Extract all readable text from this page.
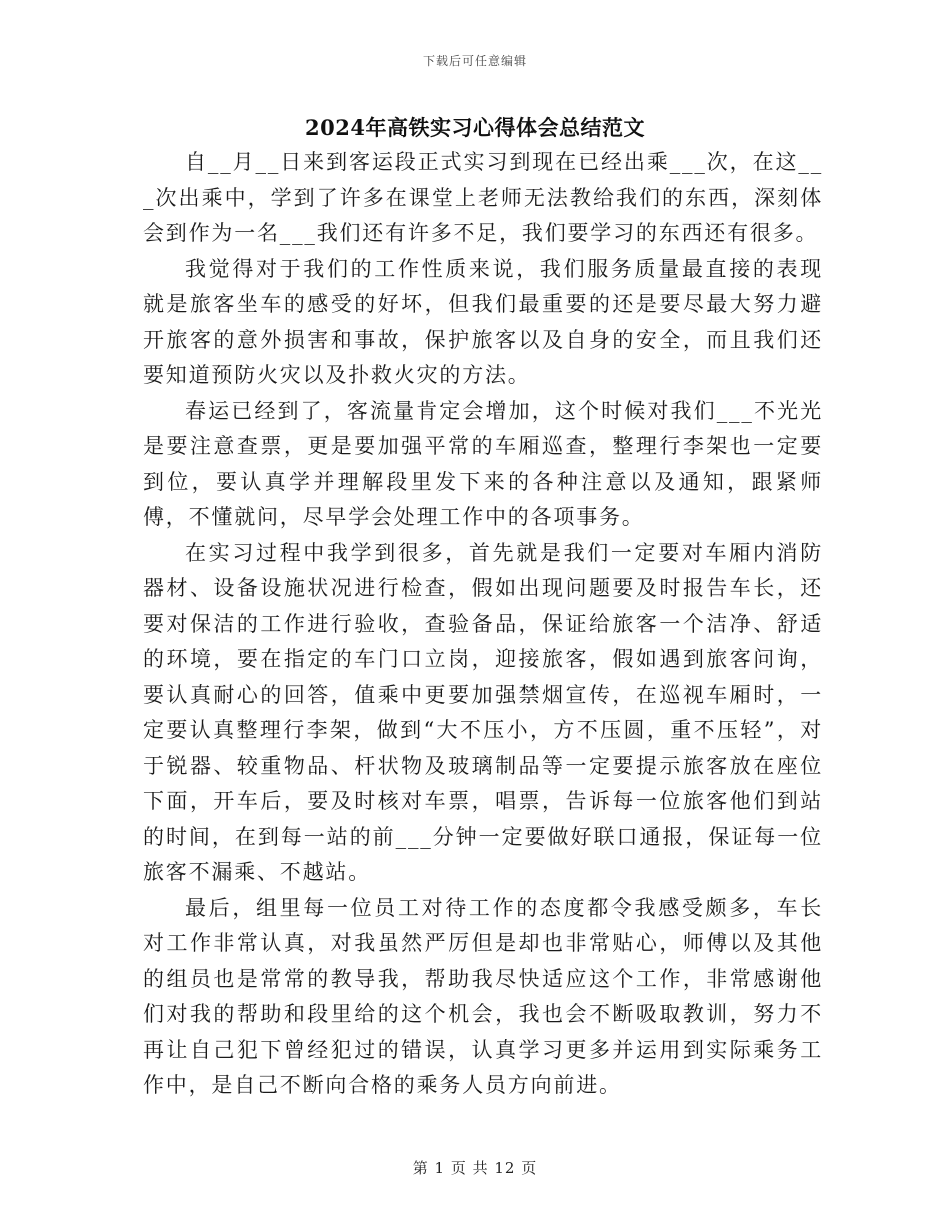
下载后可任意编辑
2024年高铁实习心得体会总结范文

自__月__日来到客运段正式实习到现在已经出乘___次，在这___次出乘中，学到了许多在课堂上老师无法教给我们的东西，深刻体会到作为一名___我们还有许多不足，我们要学习的东西还有很多。

我觉得对于我们的工作性质来说，我们服务质量最直接的表现就是旅客坐车的感受的好坏，但我们最重要的还是要尽最大努力避开旅客的意外损害和事故，保护旅客以及自身的安全，而且我们还要知道预防火灾以及扑救火灾的方法。

春运已经到了，客流量肯定会增加，这个时候对我们___不光光是要注意查票，更是要加强平常的车厢巡查，整理行李架也一定要到位，要认真学并理解段里发下来的各种注意以及通知，跟紧师傅，不懂就问，尽早学会处理工作中的各项事务。

在实习过程中我学到很多，首先就是我们一定要对车厢内消防器材、设备设施状况进行检查，假如出现问题要及时报告车长，还要对保洁的工作进行验收，查验备品，保证给旅客一个洁净、舒适的环境，要在指定的车门口立岗，迎接旅客，假如遇到旅客问询，要认真耐心的回答，值乘中更要加强禁烟宣传，在巡视车厢时，一定要认真整理行李架，做到“大不压小，方不压圆，重不压轻”，对于锐器、较重物品、杆状物及玻璃制品等一定要提示旅客放在座位下面，开车后，要及时核对车票，唱票，告诉每一位旅客他们到站的时间，在到每一站的前___分钟一定要做好联口通报，保证每一位旅客不漏乘、不越站。

最后，组里每一位员工对待工作的态度都令我感受颇多，车长对工作非常认真，对我虽然严厉但是却也非常贴心，师傅以及其他的组员也是常常的教导我，帮助我尽快适应这个工作，非常感谢他们对我的帮助和段里给的这个机会，我也会不断吸取教训，努力不再让自己犯下曾经犯过的错误，认真学习更多并运用到实际乘务工作中，是自己不断向合格的乘务人员方向前进。

第 1 页 共 12 页
